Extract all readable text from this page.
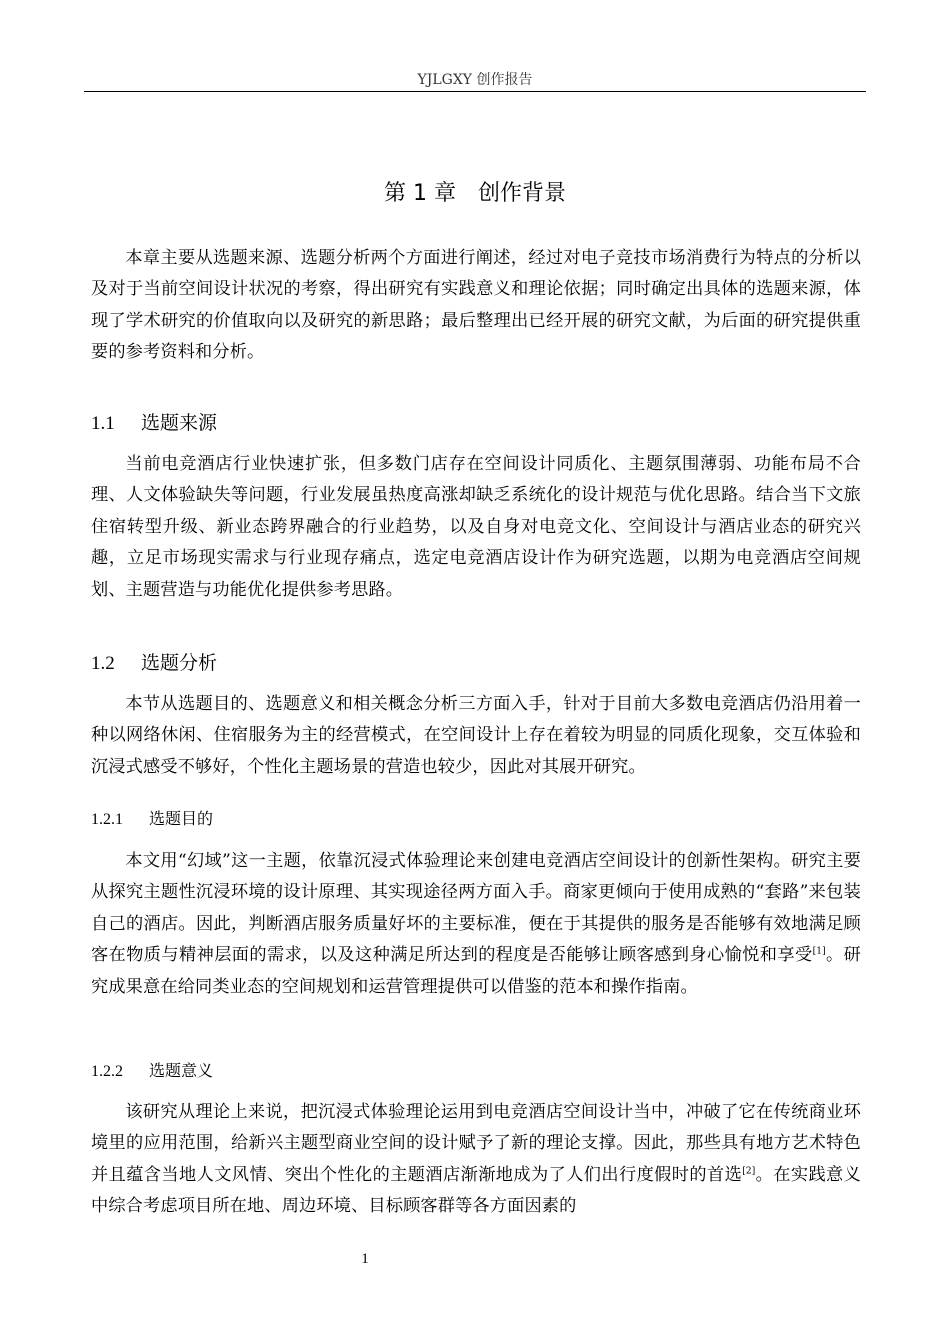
YJLGXY 创作报告
第 1 章　创作背景

本章主要从选题来源、选题分析两个方面进行阐述，经过对电子竞技市场消费行为特点的分析以及对于当前空间设计状况的考察，得出研究有实践意义和理论依据；同时确定出具体的选题来源，体现了学术研究的价值取向以及研究的新思路；最后整理出已经开展的研究文献，为后面的研究提供重要的参考资料和分析。

1.1 选题来源

当前电竞酒店行业快速扩张，但多数门店存在空间设计同质化、主题氛围薄弱、功能布局不合理、人文体验缺失等问题，行业发展虽热度高涨却缺乏系统化的设计规范与优化思路。结合当下文旅住宿转型升级、新业态跨界融合的行业趋势，以及自身对电竞文化、空间设计与酒店业态的研究兴趣，立足市场现实需求与行业现存痛点，选定电竞酒店设计作为研究选题，以期为电竞酒店空间规划、主题营造与功能优化提供参考思路。

1.2 选题分析

本节从选题目的、选题意义和相关概念分析三方面入手，针对于目前大多数电竞酒店仍沿用着一种以网络休闲、住宿服务为主的经营模式，在空间设计上存在着较为明显的同质化现象，交互体验和沉浸式感受不够好，个性化主题场景的营造也较少，因此对其展开研究。

1.2.1 选题目的

本文用“幻域”这一主题，依靠沉浸式体验理论来创建电竞酒店空间设计的创新性架构。研究主要从探究主题性沉浸环境的设计原理、其实现途径两方面入手。商家更倾向于使用成熟的“套路”来包装自己的酒店。因此，判断酒店服务质量好坏的主要标准，便在于其提供的服务是否能够有效地满足顾客在物质与精神层面的需求，以及这种满足所达到的程度是否能够让顾客感到身心愉悦和享受[1]。研究成果意在给同类业态的空间规划和运营管理提供可以借鉴的范本和操作指南。

1.2.2 选题意义

该研究从理论上来说，把沉浸式体验理论运用到电竞酒店空间设计当中，冲破了它在传统商业环境里的应用范围，给新兴主题型商业空间的设计赋予了新的理论支撑。因此，那些具有地方艺术特色并且蕴含当地人文风情、突出个性化的主题酒店渐渐地成为了人们出行度假时的首选[2]。在实践意义中综合考虑项目所在地、周边环境、目标顾客群等各方面因素的

1
